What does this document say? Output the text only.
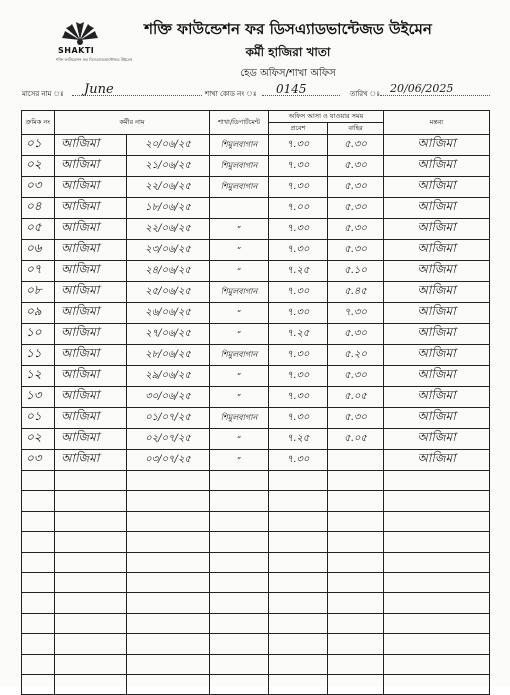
SHAKTI
শক্তি ফাউন্ডেশন ফর ডিসএ্যাডভান্টেজড উইমেন
শক্তি ফাউন্ডেশন ফর ডিসএ্যাডভান্টেজড উইমেন
কর্মী হাজিরা খাতা
হেড অফিস/শাখা অফিস
মাসের নাম ঃ June	শাখা কোড নং ঃ 0145	তারিখ ঃ 20/06/2025
ক্রমিক নং	কর্মীর নাম		শাখা/ডিপার্টমেন্ট	অফিস আসা ও যাওয়ার সময়		মন্তব্য
				প্রবেশ	বাহির	
০১	আজিমা	২০/০৬/২৫	শিমুলবাগান	৭.৩০	৫.৩০	আজিমা
০২	আজিমা	২১/০৬/২৫	শিমুলবাগান	৭.৩০	৫.৩০	আজিমা
০৩	আজিমা	২২/০৬/২৫	শিমুলবাগান	৭.৩০	৫.৩০	আজিমা
০৪	আজিমা	১৮/০৬/২৫		৭.০০	৫.৩০	আজিমা
০৫	আজিমা	২২/০৬/২৫	”	৭.৩০	৫.৩০	আজিমা
০৬	আজিমা	২৩/০৬/২৫	”	৭.৩০	৫.৩০	আজিমা
০৭	আজিমা	২৪/০৬/২৫	”	৭.২৫	৫.১০	আজিমা
০৮	আজিমা	২৫/০৬/২৫	শিমুলবাগান	৭.৩০	৫.৪৫	আজিমা
০৯	আজিমা	২৬/০৬/২৫	”	৭.৩০	৭.৩০	আজিমা
১০	আজিমা	২৭/০৬/২৫	”	৭.২৫	৫.৩০	আজিমা
১১	আজিমা	২৮/০৬/২৫	শিমুলবাগান	৭.৩০	৫.২০	আজিমা
১২	আজিমা	২৯/০৬/২৫	”	৭.৩০	৫.৩০	আজিমা
১৩	আজিমা	৩০/০৬/২৫	”	৭.৩০	৫.০৫	আজিমা
০১	আজিমা	০১/০৭/২৫	শিমুলবাগান	৭.৩০	৫.৩০	আজিমা
০২	আজিমা	০২/০৭/২৫	”	৭.২৫	৫.০৫	আজিমা
০৩	আজিমা	০৩/০৭/২৫	”	৭.৩০		আজিমা
